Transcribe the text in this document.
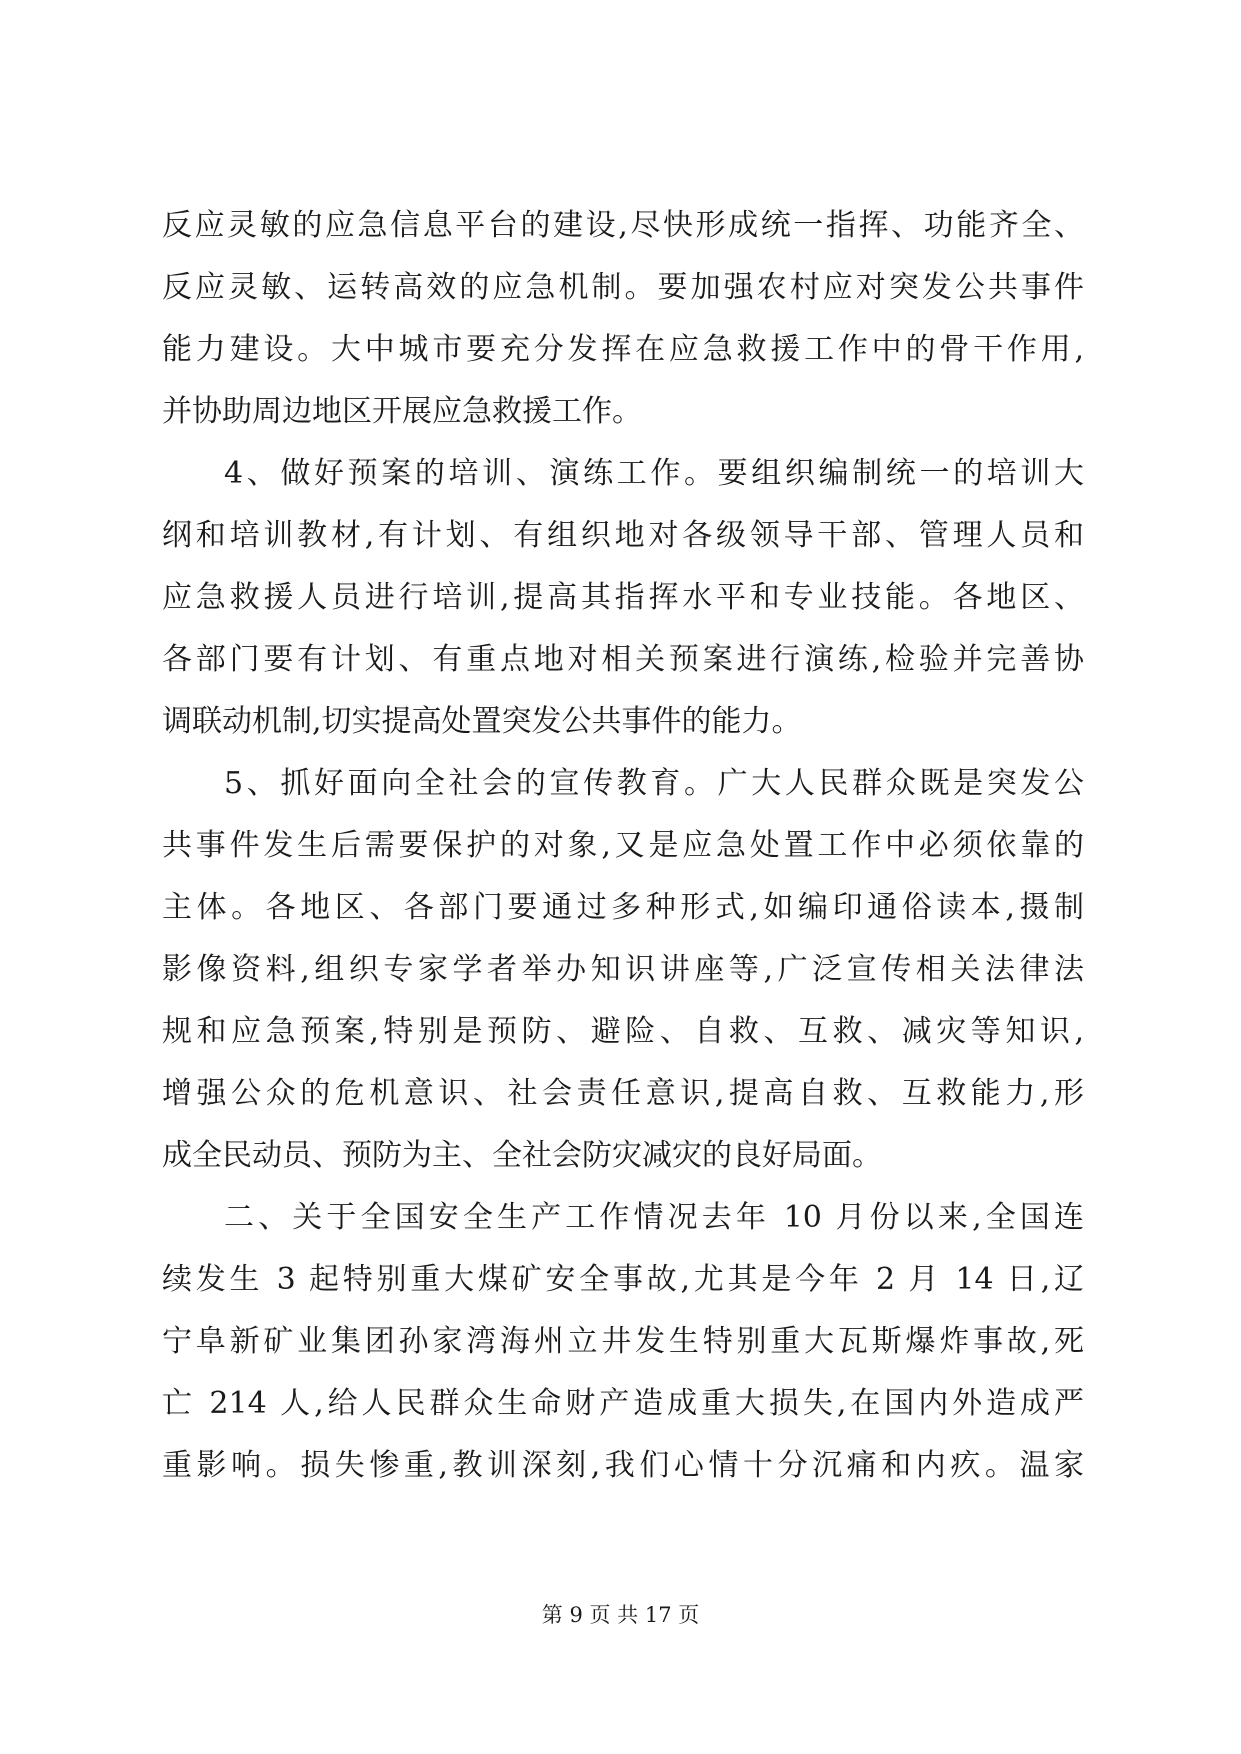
反应灵敏的应急信息平台的建设,尽快形成统一指挥、功能齐全、
反应灵敏、运转高效的应急机制。要加强农村应对突发公共事件
能力建设。大中城市要充分发挥在应急救援工作中的骨干作用,
并协助周边地区开展应急救援工作。
4、做好预案的培训、演练工作。要组织编制统一的培训大
纲和培训教材,有计划、有组织地对各级领导干部、管理人员和
应急救援人员进行培训,提高其指挥水平和专业技能。各地区、
各部门要有计划、有重点地对相关预案进行演练,检验并完善协
调联动机制,切实提高处置突发公共事件的能力。
5、抓好面向全社会的宣传教育。广大人民群众既是突发公
共事件发生后需要保护的对象,又是应急处置工作中必须依靠的
主体。各地区、各部门要通过多种形式,如编印通俗读本,摄制
影像资料,组织专家学者举办知识讲座等,广泛宣传相关法律法
规和应急预案,特别是预防、避险、自救、互救、减灾等知识,
增强公众的危机意识、社会责任意识,提高自救、互救能力,形
成全民动员、预防为主、全社会防灾减灾的良好局面。
二、关于全国安全生产工作情况去年 10 月份以来,全国连
续发生 3 起特别重大煤矿安全事故,尤其是今年 2 月 14 日,辽
宁阜新矿业集团孙家湾海州立井发生特别重大瓦斯爆炸事故,死
亡 214 人,给人民群众生命财产造成重大损失,在国内外造成严
重影响。损失惨重,教训深刻,我们心情十分沉痛和内疚。温家
第 9 页 共 17 页
